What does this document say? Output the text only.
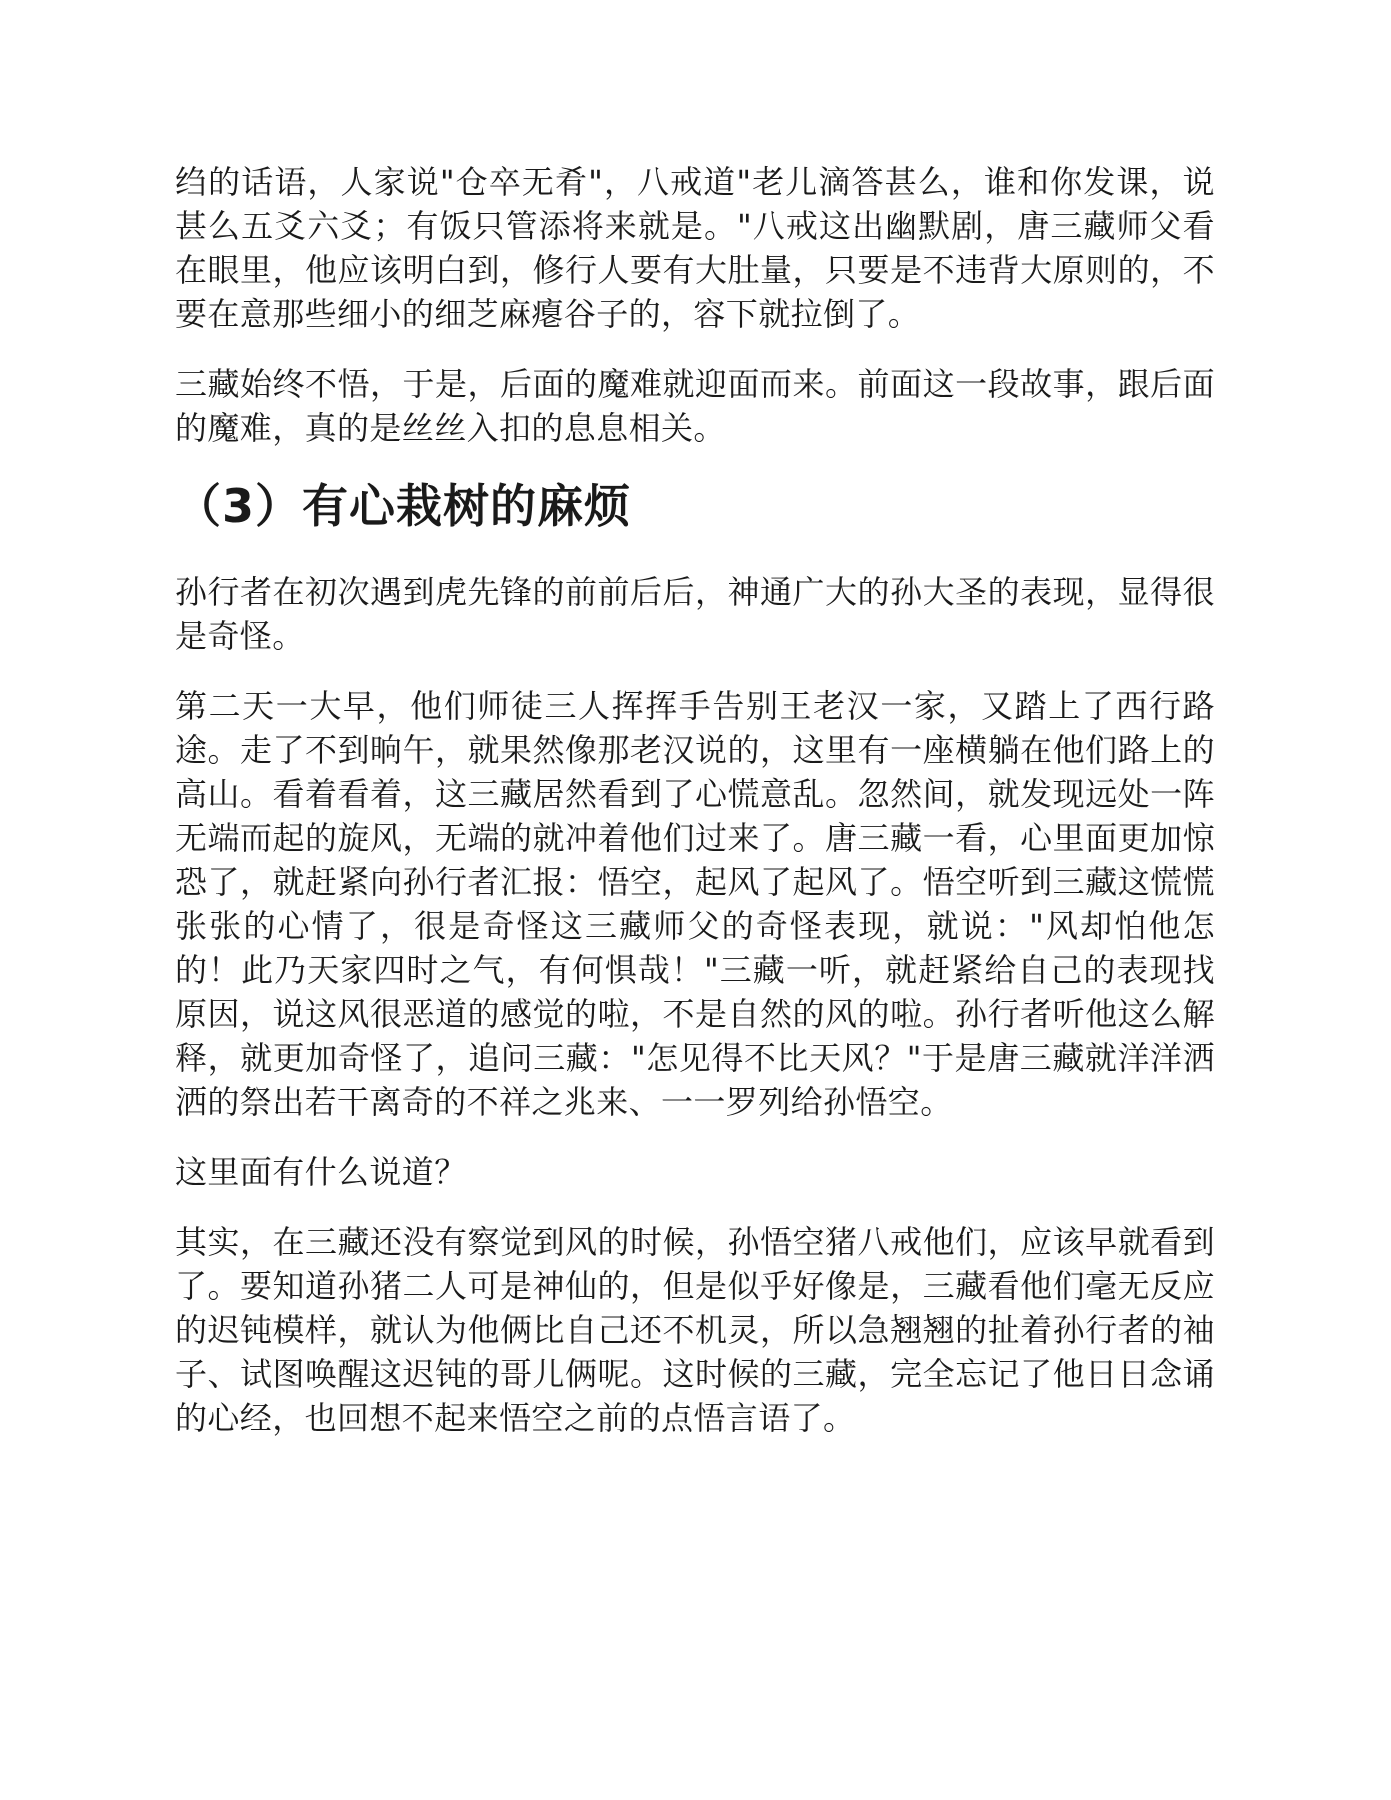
绉的话语，人家说"仓卒无肴"，八戒道"老儿滴答甚么，谁和你发课，说甚么五爻六爻；有饭只管添将来就是。"八戒这出幽默剧，唐三藏师父看在眼里，他应该明白到，修行人要有大肚量，只要是不违背大原则的，不要在意那些细小的细芝麻瘪谷子的，容下就拉倒了。

三藏始终不悟，于是，后面的魔难就迎面而来。前面这一段故事，跟后面的魔难，真的是丝丝入扣的息息相关。

（3）有心栽树的麻烦

孙行者在初次遇到虎先锋的前前后后，神通广大的孙大圣的表现，显得很是奇怪。

第二天一大早，他们师徒三人挥挥手告别王老汉一家，又踏上了西行路途。走了不到晌午，就果然像那老汉说的，这里有一座横躺在他们路上的高山。看着看着，这三藏居然看到了心慌意乱。忽然间，就发现远处一阵无端而起的旋风，无端的就冲着他们过来了。唐三藏一看，心里面更加惊恐了，就赶紧向孙行者汇报：悟空，起风了起风了。悟空听到三藏这慌慌张张的心情了，很是奇怪这三藏师父的奇怪表现，就说："风却怕他怎的！此乃天家四时之气，有何惧哉！"三藏一听，就赶紧给自己的表现找原因，说这风很恶道的感觉的啦，不是自然的风的啦。孙行者听他这么解释，就更加奇怪了，追问三藏："怎见得不比天风？"于是唐三藏就洋洋洒洒的祭出若干离奇的不祥之兆来、一一罗列给孙悟空。

这里面有什么说道？

其实，在三藏还没有察觉到风的时候，孙悟空猪八戒他们，应该早就看到了。要知道孙猪二人可是神仙的，但是似乎好像是，三藏看他们毫无反应的迟钝模样，就认为他俩比自己还不机灵，所以急翘翘的扯着孙行者的袖子、试图唤醒这迟钝的哥儿俩呢。这时候的三藏，完全忘记了他日日念诵的心经，也回想不起来悟空之前的点悟言语了。
